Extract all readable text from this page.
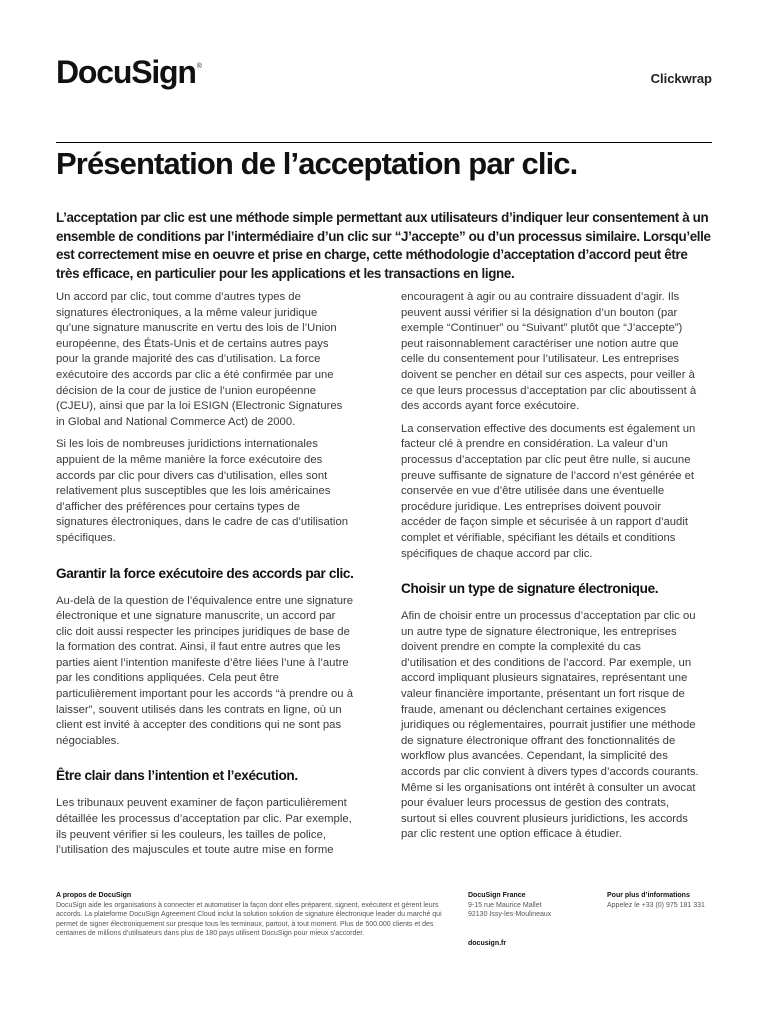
DocuSign®
Clickwrap
Présentation de l’acceptation par clic.

L’acceptation par clic est une méthode simple permettant aux utilisateurs d’indiquer leur consentement à un ensemble de conditions par l’intermédiaire d’un clic sur “J’accepte” ou d’un processus similaire. Lorsqu’elle est correctement mise en oeuvre et prise en charge, cette méthodologie d’acceptation d’accord peut être très efficace, en particulier pour les applications et les transactions en ligne.

Un accord par clic, tout comme d’autres types de signatures électroniques, a la même valeur juridique qu’une signature manuscrite en vertu des lois de l’Union européenne, des États-Unis et de certains autres pays pour la grande majorité des cas d’utilisation. La force exécutoire des accords par clic a été confirmée par une décision de la cour de justice de l’union européenne (CJEU), ainsi que par la loi ESIGN (Electronic Signatures in Global and National Commerce Act) de 2000.

Si les lois de nombreuses juridictions internationales appuient de la même manière la force exécutoire des accords par clic pour divers cas d’utilisation, elles sont relativement plus susceptibles que les lois américaines d’afficher des préférences pour certains types de signatures électroniques, dans le cadre de cas d’utilisation spécifiques.

Garantir la force exécutoire des accords par clic.

Au-delà de la question de l’équivalence entre une signature électronique et une signature manuscrite, un accord par clic doit aussi respecter les principes juridiques de base de la formation des contrat. Ainsi, il faut entre autres que les parties aient l’intention manifeste d’être liées l’une à l’autre par les conditions appliquées. Cela peut être particulièrement important pour les accords “à prendre ou à laisser”, souvent utilisés dans les contrats en ligne, où un client est invité à accepter des conditions qui ne sont pas négociables.

Être clair dans l’intention et l’exécution.

Les tribunaux peuvent examiner de façon particulièrement détaillée les processus d’acceptation par clic. Par exemple, ils peuvent vérifier si les couleurs, les tailles de police, l’utilisation des majuscules et toute autre mise en forme

encouragent à agir ou au contraire dissuadent d’agir. Ils peuvent aussi vérifier si la désignation d’un bouton (par exemple “Continuer” ou “Suivant” plutôt que “J’accepte”) peut raisonnablement caractériser une notion autre que celle du consentement pour l’utilisateur. Les entreprises doivent se pencher en détail sur ces aspects, pour veiller à ce que leurs processus d’acceptation par clic aboutissent à des accords ayant force exécutoire.

La conservation effective des documents est également un facteur clé à prendre en considération. La valeur d’un processus d’acceptation par clic peut être nulle, si aucune preuve suffisante de signature de l’accord n’est générée et conservée en vue d’être utilisée dans une éventuelle procédure juridique. Les entreprises doivent pouvoir accéder de façon simple et sécurisée à un rapport d’audit complet et vérifiable, spécifiant les détails et conditions spécifiques de chaque accord par clic.

Choisir un type de signature électronique.

Afin de choisir entre un processus d’acceptation par clic ou un autre type de signature électronique, les entreprises doivent prendre en compte la complexité du cas d’utilisation et des conditions de l’accord. Par exemple, un accord impliquant plusieurs signataires, représentant une valeur financière importante, présentant un fort risque de fraude, amenant ou déclenchant certaines exigences juridiques ou réglementaires, pourrait justifier une méthode de signature électronique offrant des fonctionnalités de workflow plus avancées. Cependant, la simplicité des accords par clic convient à divers types d’accords courants. Même si les organisations ont intérêt à consulter un avocat pour évaluer leurs processus de gestion des contrats, surtout si elles couvrent plusieurs juridictions, les accords par clic restent une option efficace à étudier.

A propos de DocuSign
DocuSign aide les organisations à connecter et automatiser la façon dont elles préparent, signent, exécutent et gèrent leurs accords. La plateforme DocuSign Agreement Cloud inclut la solution solution de signature électronique leader du marché qui permet de signer électroniquement sur presque tous les terminaux, partout, à tout moment. Plus de 500.000 clients et des centaines de millions d’utilisateurs dans plus de 180 pays utilisent DocuSign pour mieux s’accorder.
DocuSign France
9-15 rue Maurice Mallet
92130 Issy-les-Moulineaux
docusign.fr
Pour plus d’informations
Appelez le +33 (0) 975 181 331
